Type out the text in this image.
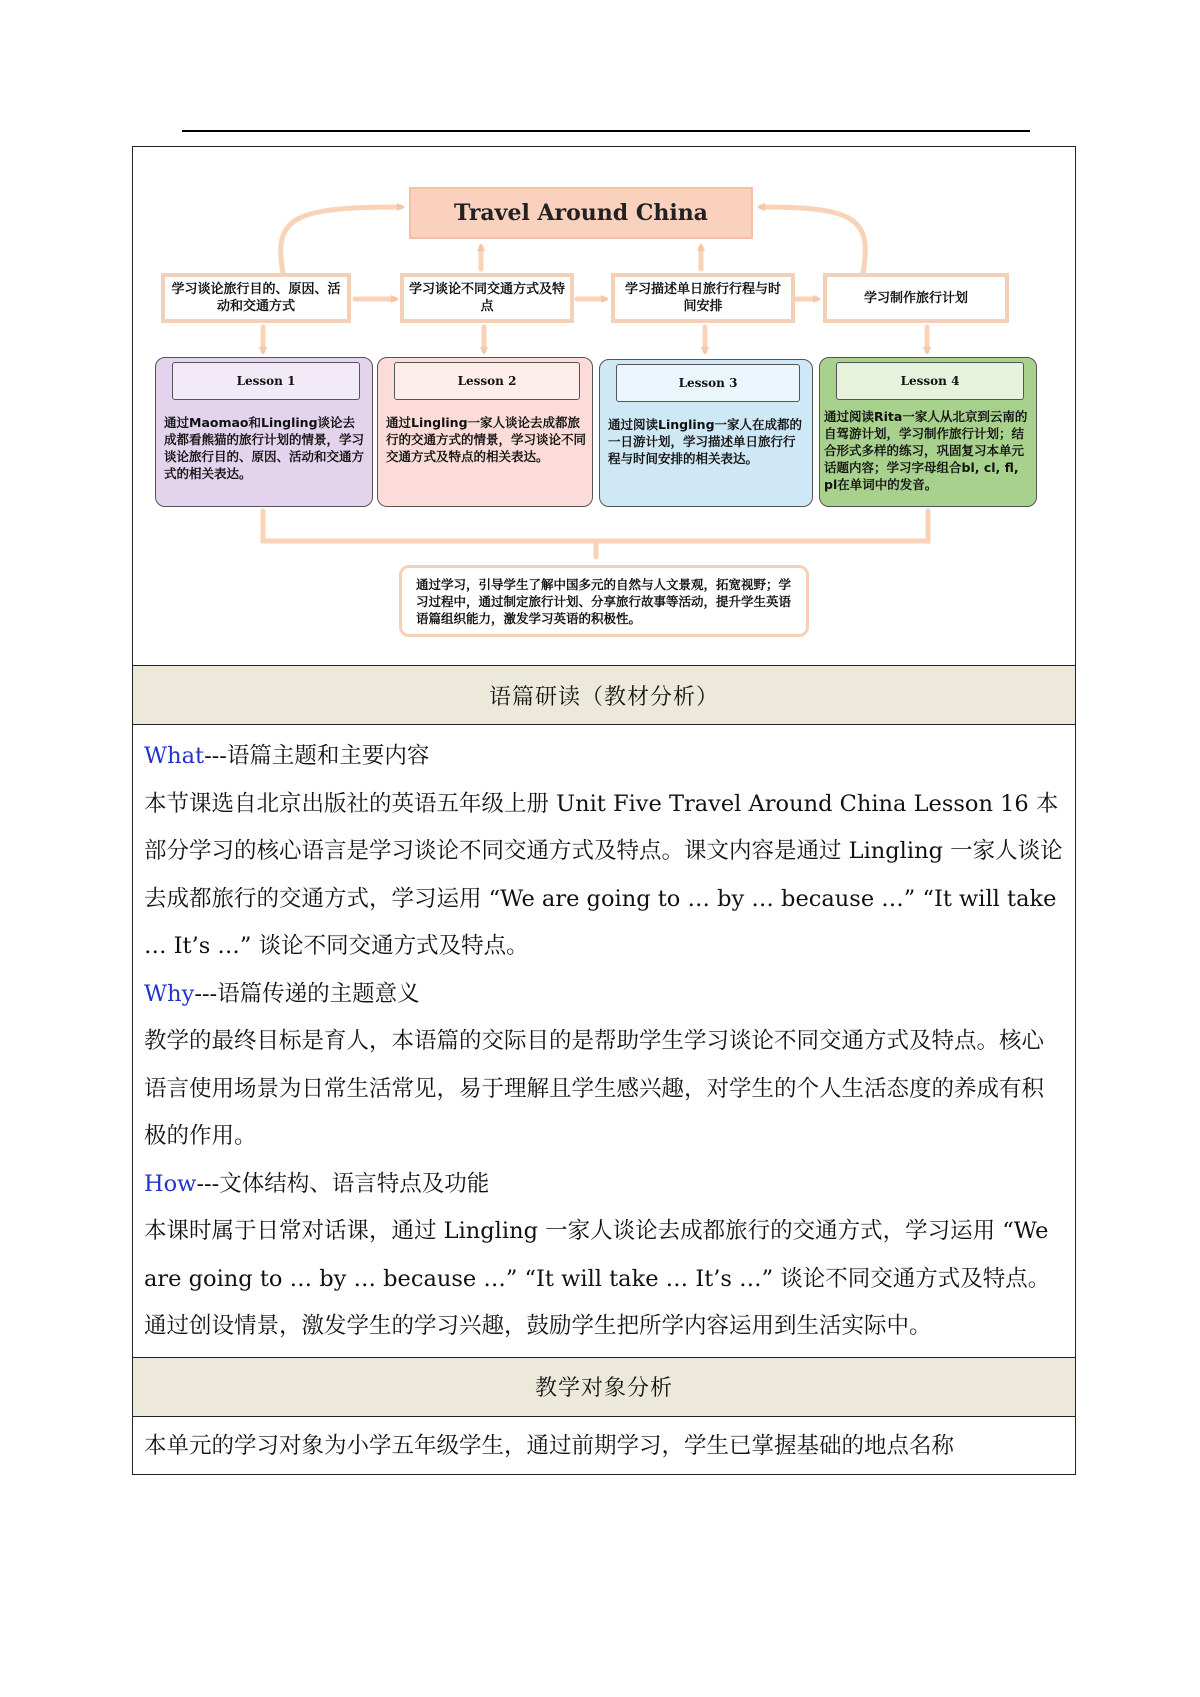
Travel Around China
学习谈论旅行目的、原因、活动和交通方式
学习谈论不同交通方式及特点
学习描述单日旅行行程与时间安排
学习制作旅行计划
Lesson 1
通过Maomao和Lingling谈论去成都看熊猫的旅行计划的情景，学习谈论旅行目的、原因、活动和交通方式的相关表达。
Lesson 2
通过Lingling一家人谈论去成都旅行的交通方式的情景，学习谈论不同交通方式及特点的相关表达。
Lesson 3
通过阅读Lingling一家人在成都的一日游计划，学习描述单日旅行行程与时间安排的相关表达。
Lesson 4
通过阅读Rita一家人从北京到云南的自驾游计划，学习制作旅行计划；结合形式多样的练习，巩固复习本单元话题内容；学习字母组合bl, cl, fl, pl在单词中的发音。
通过学习，引导学生了解中国多元的自然与人文景观，拓宽视野；学习过程中，通过制定旅行计划、分享旅行故事等活动，提升学生英语语篇组织能力，激发学习英语的积极性。
语篇研读（教材分析）

What---语篇主题和主要内容

本节课选自北京出版社的英语五年级上册 Unit Five Travel Around China Lesson 16 本部分学习的核心语言是学习谈论不同交通方式及特点。课文内容是通过 Lingling 一家人谈论去成都旅行的交通方式，学习运用 “We are going to … by … because …” “It will take … It’s …” 谈论不同交通方式及特点。

Why---语篇传递的主题意义

教学的最终目标是育人，本语篇的交际目的是帮助学生学习谈论不同交通方式及特点。核心语言使用场景为日常生活常见，易于理解且学生感兴趣，对学生的个人生活态度的养成有积极的作用。

How---文体结构、语言特点及功能

本课时属于日常对话课，通过 Lingling 一家人谈论去成都旅行的交通方式，学习运用 “We are going to … by … because …” “It will take … It’s …” 谈论不同交通方式及特点。通过创设情景，激发学生的学习兴趣，鼓励学生把所学内容运用到生活实际中。

教学对象分析

本单元的学习对象为小学五年级学生，通过前期学习，学生已掌握基础的地点名称
